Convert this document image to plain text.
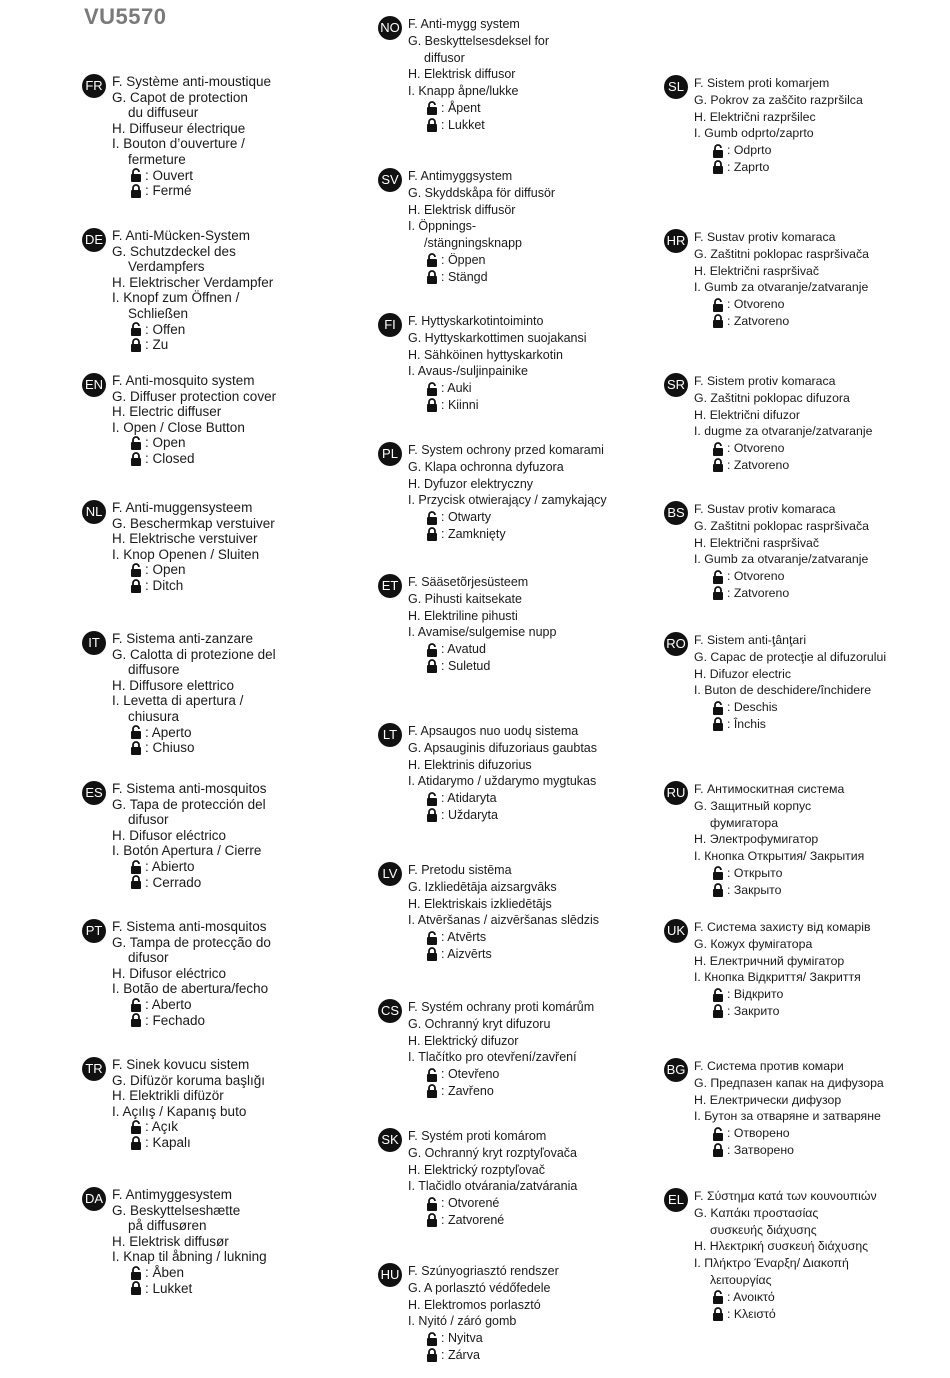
VU5570
FR F. Système anti-moustique
G. Capot de protection
du diffuseur
H. Diffuseur électrique
I. Bouton d’ouverture /
fermeture
: Ouvert
: Fermé
DE F. Anti-Mücken-System
G. Schutzdeckel des
Verdampfers
H. Elektrischer Verdampfer
I. Knopf zum Öffnen /
Schließen
: Offen
: Zu
EN F. Anti-mosquito system
G. Diffuser protection cover
H. Electric diffuser
I. Open / Close Button
: Open
: Closed
NL F. Anti-muggensysteem
G. Beschermkap verstuiver
H. Elektrische verstuiver
I. Knop Openen / Sluiten
: Open
: Ditch
IT F. Sistema anti-zanzare
G. Calotta di protezione del
diffusore
H. Diffusore elettrico
I. Levetta di apertura /
chiusura
: Aperto
: Chiuso
ES F. Sistema anti-mosquitos
G. Tapa de protección del
difusor
H. Difusor eléctrico
I. Botón Apertura / Cierre
: Abierto
: Cerrado
PT F. Sistema anti-mosquitos
G. Tampa de protecção do
difusor
H. Difusor eléctrico
I. Botão de abertura/fecho
: Aberto
: Fechado
TR F. Sinek kovucu sistem
G. Difüzör koruma başlığı
H. Elektrikli difüzör
I. Açılış / Kapanış buto
: Açık
: Kapalı
DA F. Antimyggesystem
G. Beskyttelseshætte
på diffusøren
H. Elektrisk diffusør
I. Knap til åbning / lukning
: Åben
: Lukket
NO F. Anti-mygg system
G. Beskyttelsesdeksel for
diffusor
H. Elektrisk diffusor
I. Knapp åpne/lukke
: Åpent
: Lukket
SV F. Antimyggsystem
G. Skyddskåpa för diffusör
H. Elektrisk diffusör
I. Öppnings-
/stängningsknapp
: Öppen
: Stängd
FI F. Hyttyskarkotintoiminto
G. Hyttyskarkottimen suojakansi
H. Sähköinen hyttyskarkotin
I. Avaus-/suljinpainike
: Auki
: Kiinni
PL F. System ochrony przed komarami
G. Klapa ochronna dyfuzora
H. Dyfuzor elektryczny
I. Przycisk otwierający / zamykający
: Otwarty
: Zamknięty
ET F. Sääsetõrjesüsteem
G. Pihusti kaitsekate
H. Elektriline pihusti
I. Avamise/sulgemise nupp
: Avatud
: Suletud
LT F. Apsaugos nuo uodų sistema
G. Apsauginis difuzoriaus gaubtas
H. Elektrinis difuzorius
I. Atidarymo / uždarymo mygtukas
: Atidaryta
: Uždaryta
LV F. Pretodu sistēma
G. Izkliedētāja aizsargvāks
H. Elektriskais izkliedētājs
I. Atvēršanas / aizvēršanas slēdzis
: Atvērts
: Aizvērts
CS F. Systém ochrany proti komárům
G. Ochranný kryt difuzoru
H. Elektrický difuzor
I. Tlačítko pro otevření/zavření
: Otevřeno
: Zavřeno
SK F. Systém proti komárom
G. Ochranný kryt rozptyľovača
H. Elektrický rozptyľovač
I. Tlačidlo otvárania/zatvárania
: Otvorené
: Zatvorené
HU F. Szúnyogriasztó rendszer
G. A porlasztó védőfedele
H. Elektromos porlasztó
I. Nyitó / záró gomb
: Nyitva
: Zárva
SL F. Sistem proti komarjem
G. Pokrov za zaščito razpršilca
H. Električni razpršilec
I. Gumb odprto/zaprto
: Odprto
: Zaprto
HR F. Sustav protiv komaraca
G. Zaštitni poklopac raspršivača
H. Električni raspršivač
I. Gumb za otvaranje/zatvaranje
: Otvoreno
: Zatvoreno
SR F. Sistem protiv komaraca
G. Zaštitni poklopac difuzora
H. Električni difuzor
I. dugme za otvaranje/zatvaranje
: Otvoreno
: Zatvoreno
BS F. Sustav protiv komaraca
G. Zaštitni poklopac raspršivača
H. Električni raspršivač
I. Gumb za otvaranje/zatvaranje
: Otvoreno
: Zatvoreno
RO F. Sistem anti-ţânţari
G. Capac de protecţie al difuzorului
H. Difuzor electric
I. Buton de deschidere/închidere
: Deschis
: Închis
RU F. Антимоскитная система
G. Защитный корпус
фумигатора
H. Электрофумигатор
I. Кнопка Открытия/ Закрытия
: Открыто
: Закрыто
UK F. Система захисту від комарів
G. Кожух фумігатора
H. Електричний фумігатор
I. Кнопка Відкриття/ Закриття
: Відкрито
: Закрито
BG F. Система против комари
G. Предпазен капак на дифузора
H. Електрически дифузор
I. Бутон за отваряне и затваряне
: Отворено
: Затворено
EL F. Σύστημα κατά των κουνουπιών
G. Καπάκι προστασίας
συσκευής διάχυσης
H. Ηλεκτρική συσκευή διάχυσης
I. Πλήκτρο Έναρξη/ Διακοπή
λειτουργίας
: Ανοικτό
: Κλειστό
